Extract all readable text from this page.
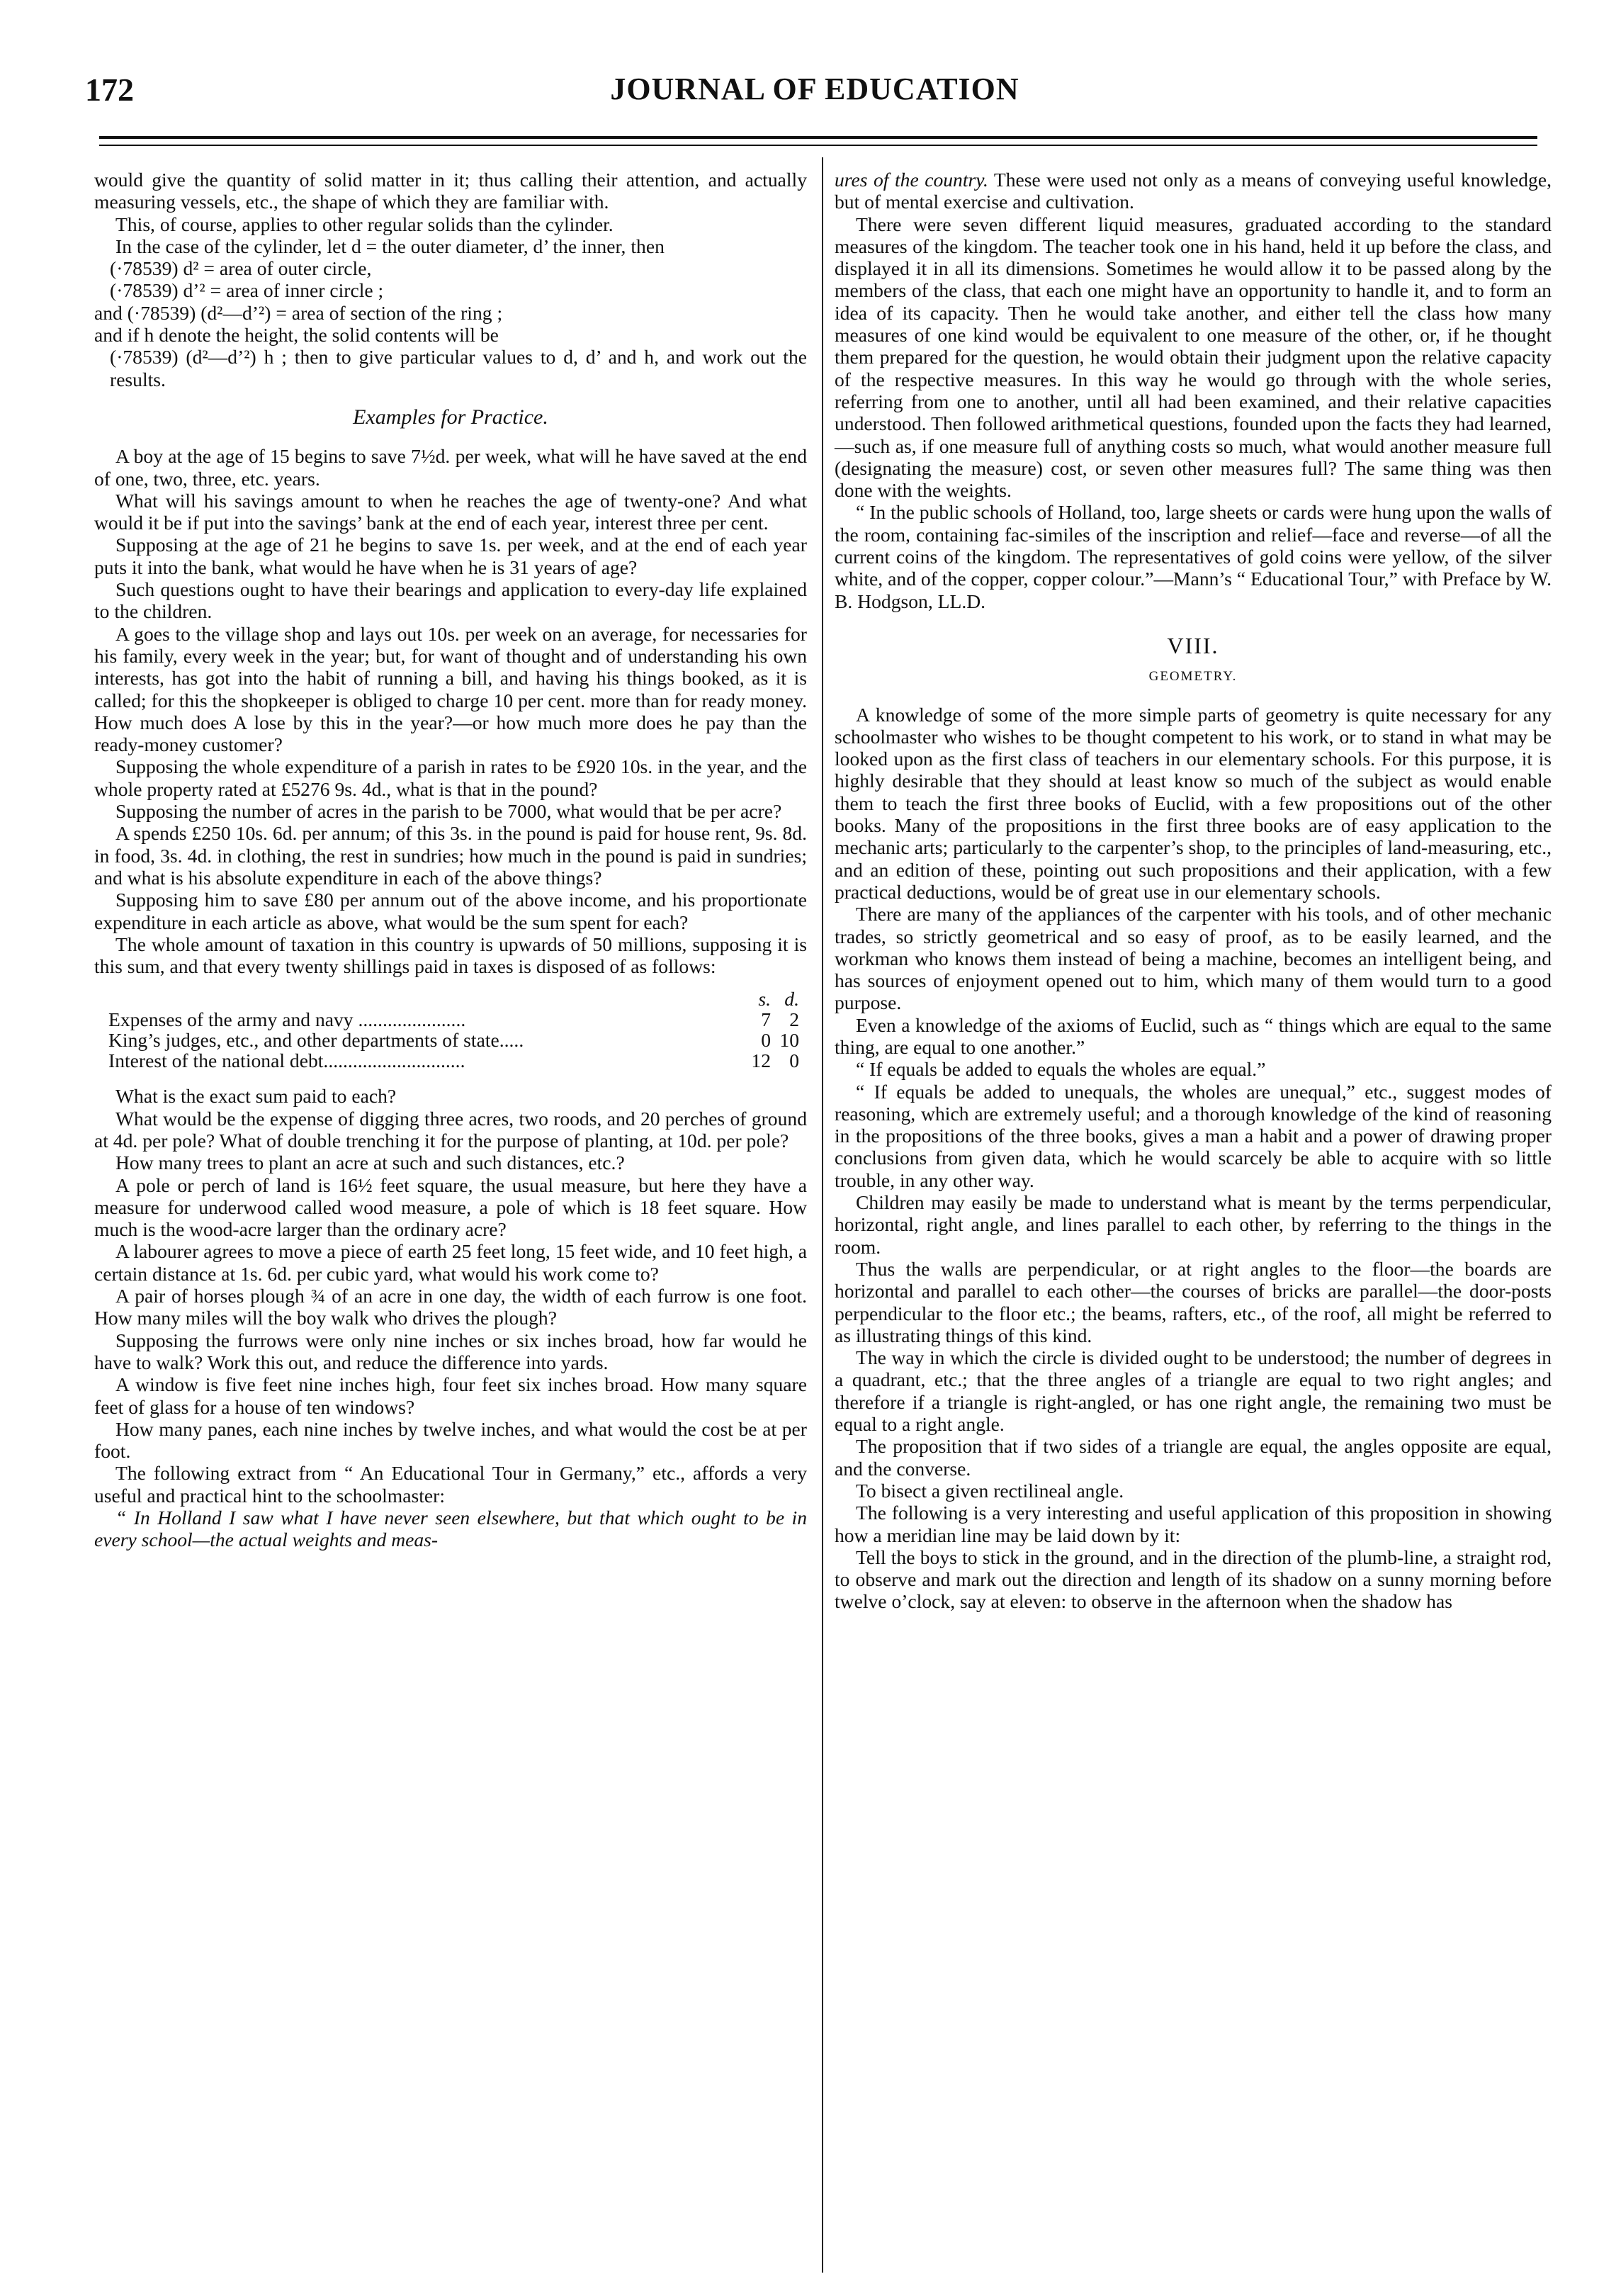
172	JOURNAL OF EDUCATION

would give the quantity of solid matter in it; thus calling their attention, and actually measuring vessels, etc., the shape of which they are familiar with.

This, of course, applies to other regular solids than the cylinder.

In the case of the cylinder, let d = the outer diameter, d’ the inner, then

(·78539) d² = area of outer circle,

(·78539) d’² = area of inner circle ;

and (·78539) (d²—d’²) = area of section of the ring ;

and if h denote the height, the solid contents will be

(·78539) (d²—d’²) h ; then to give particular values to d, d’ and h, and work out the results.

Examples for Practice.

A boy at the age of 15 begins to save 7½d. per week, what will he have saved at the end of one, two, three, etc. years.

What will his savings amount to when he reaches the age of twenty-one? And what would it be if put into the savings’ bank at the end of each year, interest three per cent.

Supposing at the age of 21 he begins to save 1s. per week, and at the end of each year puts it into the bank, what would he have when he is 31 years of age?

Such questions ought to have their bearings and application to every-day life explained to the children.

A goes to the village shop and lays out 10s. per week on an average, for necessaries for his family, every week in the year; but, for want of thought and of understanding his own interests, has got into the habit of running a bill, and having his things booked, as it is called; for this the shopkeeper is obliged to charge 10 per cent. more than for ready money. How much does A lose by this in the year?—or how much more does he pay than the ready-money customer?

Supposing the whole expenditure of a parish in rates to be £920 10s. in the year, and the whole property rated at £5276 9s. 4d., what is that in the pound?

Supposing the number of acres in the parish to be 7000, what would that be per acre?

A spends £250 10s. 6d. per annum; of this 3s. in the pound is paid for house rent, 9s. 8d. in food, 3s. 4d. in clothing, the rest in sundries; how much in the pound is paid in sundries; and what is his absolute expenditure in each of the above things?

Supposing him to save £80 per annum out of the above income, and his proportionate expenditure in each article as above, what would be the sum spent for each?

The whole amount of taxation in this country is upwards of 50 millions, supposing it is this sum, and that every twenty shillings paid in taxes is disposed of as follows:

	s.	d.
Expenses of the army and navy ......................	7	2
King’s judges, etc., and other departments of state.....	0	10
Interest of the national debt.............................	12	0

What is the exact sum paid to each?

What would be the expense of digging three acres, two roods, and 20 perches of ground at 4d. per pole? What of double trenching it for the purpose of planting, at 10d. per pole?

How many trees to plant an acre at such and such distances, etc.?

A pole or perch of land is 16½ feet square, the usual measure, but here they have a measure for underwood called wood measure, a pole of which is 18 feet square. How much is the wood-acre larger than the ordinary acre?

A labourer agrees to move a piece of earth 25 feet long, 15 feet wide, and 10 feet high, a certain distance at 1s. 6d. per cubic yard, what would his work come to?

A pair of horses plough ¾ of an acre in one day, the width of each furrow is one foot. How many miles will the boy walk who drives the plough?

Supposing the furrows were only nine inches or six inches broad, how far would he have to walk? Work this out, and reduce the difference into yards.

A window is five feet nine inches high, four feet six inches broad. How many square feet of glass for a house of ten windows?

How many panes, each nine inches by twelve inches, and what would the cost be at per foot.

The following extract from “ An Educational Tour in Germany,” etc., affords a very useful and practical hint to the schoolmaster:

“ In Holland I saw what I have never seen elsewhere, but that which ought to be in every school—the actual weights and meas-

ures of the country. These were used not only as a means of conveying useful knowledge, but of mental exercise and cultivation.

There were seven different liquid measures, graduated according to the standard measures of the kingdom. The teacher took one in his hand, held it up before the class, and displayed it in all its dimensions. Sometimes he would allow it to be passed along by the members of the class, that each one might have an opportunity to handle it, and to form an idea of its capacity. Then he would take another, and either tell the class how many measures of one kind would be equivalent to one measure of the other, or, if he thought them prepared for the question, he would obtain their judgment upon the relative capacity of the respective measures. In this way he would go through with the whole series, referring from one to another, until all had been examined, and their relative capacities understood. Then followed arithmetical questions, founded upon the facts they had learned,—such as, if one measure full of anything costs so much, what would another measure full (designating the measure) cost, or seven other measures full? The same thing was then done with the weights.

“ In the public schools of Holland, too, large sheets or cards were hung upon the walls of the room, containing fac-similes of the inscription and relief—face and reverse—of all the current coins of the kingdom. The representatives of gold coins were yellow, of the silver white, and of the copper, copper colour.”—Mann’s “ Educational Tour,” with Preface by W. B. Hodgson, LL.D.

VIII.
GEOMETRY.

A knowledge of some of the more simple parts of geometry is quite necessary for any schoolmaster who wishes to be thought competent to his work, or to stand in what may be looked upon as the first class of teachers in our elementary schools. For this purpose, it is highly desirable that they should at least know so much of the subject as would enable them to teach the first three books of Euclid, with a few propositions out of the other books. Many of the propositions in the first three books are of easy application to the mechanic arts; particularly to the carpenter’s shop, to the principles of land-measuring, etc., and an edition of these, pointing out such propositions and their application, with a few practical deductions, would be of great use in our elementary schools.

There are many of the appliances of the carpenter with his tools, and of other mechanic trades, so strictly geometrical and so easy of proof, as to be easily learned, and the workman who knows them instead of being a machine, becomes an intelligent being, and has sources of enjoyment opened out to him, which many of them would turn to a good purpose.

Even a knowledge of the axioms of Euclid, such as “ things which are equal to the same thing, are equal to one another.”

“ If equals be added to equals the wholes are equal.”

“ If equals be added to unequals, the wholes are unequal,” etc., suggest modes of reasoning, which are extremely useful; and a thorough knowledge of the kind of reasoning in the propositions of the three books, gives a man a habit and a power of drawing proper conclusions from given data, which he would scarcely be able to acquire with so little trouble, in any other way.

Children may easily be made to understand what is meant by the terms perpendicular, horizontal, right angle, and lines parallel to each other, by referring to the things in the room.

Thus the walls are perpendicular, or at right angles to the floor—the boards are horizontal and parallel to each other—the courses of bricks are parallel—the door-posts perpendicular to the floor etc.; the beams, rafters, etc., of the roof, all might be referred to as illustrating things of this kind.

The way in which the circle is divided ought to be understood; the number of degrees in a quadrant, etc.; that the three angles of a triangle are equal to two right angles; and therefore if a triangle is right-angled, or has one right angle, the remaining two must be equal to a right angle.

The proposition that if two sides of a triangle are equal, the angles opposite are equal, and the converse.

To bisect a given rectilineal angle.

The following is a very interesting and useful application of this proposition in showing how a meridian line may be laid down by it:

Tell the boys to stick in the ground, and in the direction of the plumb-line, a straight rod, to observe and mark out the direction and length of its shadow on a sunny morning before twelve o’clock, say at eleven: to observe in the afternoon when the shadow has
